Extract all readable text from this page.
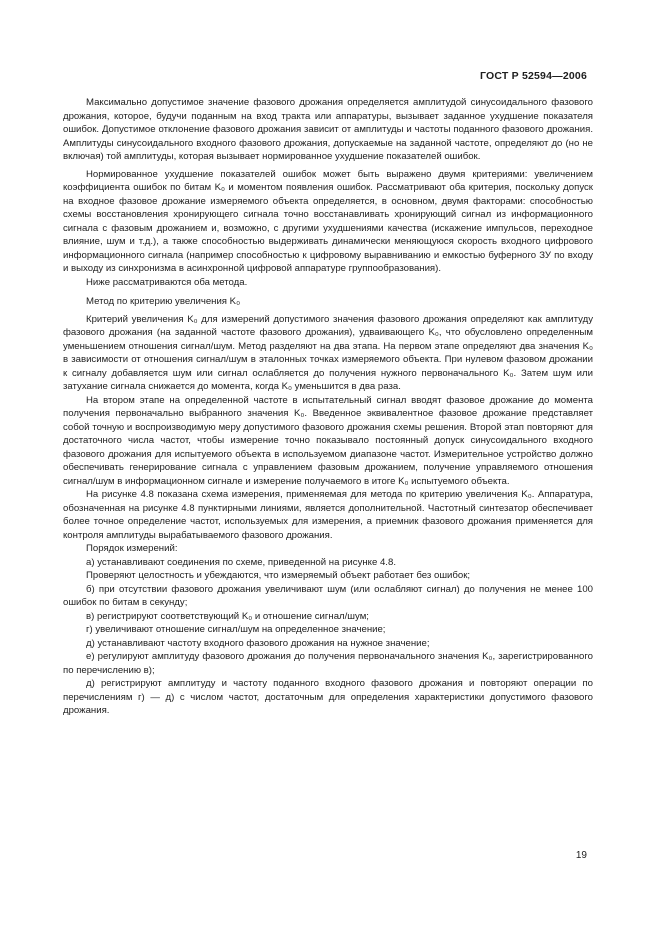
ГОСТ Р 52594—2006

Максимально допустимое значение фазового дрожания определяется амплитудой синусоидального фазового дрожания, которое, будучи поданным на вход тракта или аппаратуры, вызывает заданное ухудшение показателя ошибок. Допустимое отклонение фазового дрожания зависит от амплитуды и частоты поданного фазового дрожания. Амплитуды синусоидального входного фазового дрожания, допускаемые на заданной частоте, определяют до (но не включая) той амплитуды, которая вызывает нормированное ухудшение показателей ошибок.

Нормированное ухудшение показателей ошибок может быть выражено двумя критериями: увеличением коэффициента ошибок по битам K₀ и моментом появления ошибок. Рассматривают оба критерия, поскольку допуск на входное фазовое дрожание измеряемого объекта определяется, в основном, двумя факторами: способностью схемы восстановления хронирующего сигнала точно восстанавливать хронирующий сигнал из информационного сигнала с фазовым дрожанием и, возможно, с другими ухудшениями качества (искажение импульсов, переходное влияние, шум и т.д.), а также способностью выдерживать динамически меняющуюся скорость входного цифрового информационного сигнала (например способностью к цифровому выравниванию и емкостью буферного ЗУ по входу и выходу из синхронизма в асинхронной цифровой аппаратуре группообразования).

Ниже рассматриваются оба метода.

Метод по критерию увеличения K₀

Критерий увеличения K₀ для измерений допустимого значения фазового дрожания определяют как амплитуду фазового дрожания (на заданной частоте фазового дрожания), удваивающего K₀, что обусловлено определенным уменьшением отношения сигнал/шум. Метод разделяют на два этапа. На первом этапе определяют два значения K₀ в зависимости от отношения сигнал/шум в эталонных точках измеряемого объекта. При нулевом фазовом дрожании к сигналу добавляется шум или сигнал ослабляется до получения нужного первоначального K₀. Затем шум или затухание сигнала снижается до момента, когда K₀ уменьшится в два раза.

На втором этапе на определенной частоте в испытательный сигнал вводят фазовое дрожание до момента получения первоначально выбранного значения K₀. Введенное эквивалентное фазовое дрожание представляет собой точную и воспроизводимую меру допустимого фазового дрожания схемы решения. Второй этап повторяют для достаточного числа частот, чтобы измерение точно показывало постоянный допуск синусоидального входного фазового дрожания для испытуемого объекта в используемом диапазоне частот. Измерительное устройство должно обеспечивать генерирование сигнала с управлением фазовым дрожанием, получение управляемого отношения сигнал/шум в информационном сигнале и измерение получаемого в итоге K₀ испытуемого объекта.

На рисунке 4.8 показана схема измерения, применяемая для метода по критерию увеличения K₀. Аппаратура, обозначенная на рисунке 4.8 пунктирными линиями, является дополнительной. Частотный синтезатор обеспечивает более точное определение частот, используемых для измерения, а приемник фазового дрожания применяется для контроля амплитуды вырабатываемого фазового дрожания.

Порядок измерений:

а) устанавливают соединения по схеме, приведенной на рисунке 4.8.

Проверяют целостность и убеждаются, что измеряемый объект работает без ошибок;

б) при отсутствии фазового дрожания увеличивают шум (или ослабляют сигнал) до получения не менее 100 ошибок по битам в секунду;

в) регистрируют соответствующий K₀ и отношение сигнал/шум;

г) увеличивают отношение сигнал/шум на определенное значение;

д) устанавливают частоту входного фазового дрожания на нужное значение;

е) регулируют амплитуду фазового дрожания до получения первоначального значения K₀, зарегистрированного по перечислению в);

д) регистрируют амплитуду и частоту поданного входного фазового дрожания и повторяют операции по перечислениям г) — д) с числом частот, достаточным для определения характеристики допустимого фазового дрожания.

19
